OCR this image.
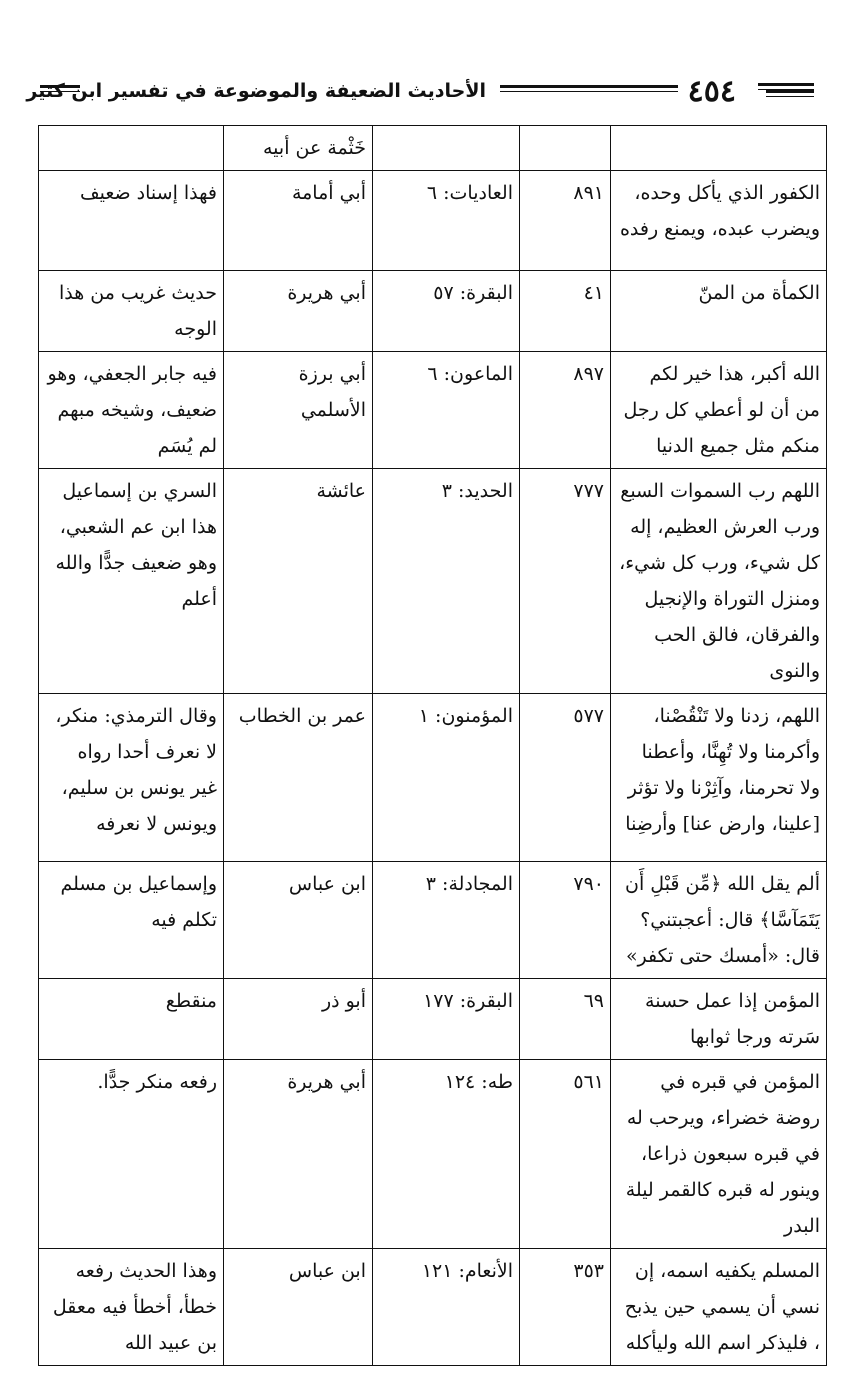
٤٥٤
الأحاديث الضعيفة والموضوعة في تفسير ابن كثير
			خَثْمة عن أبيه	
الكفور الذي يأكل وحده، ويضرب عبده، ويمنع رفده	٨٩١	العاديات: ٦	أبي أمامة	فهذا إسناد ضعيف
الكمأة من المنّ	٤١	البقرة: ٥٧	أبي هريرة	حديث غريب من هذا الوجه
الله أكبر، هذا خير لكم من أن لو أعطي كل رجل منكم مثل جميع الدنيا	٨٩٧	الماعون: ٦	أبي برزة الأسلمي	فيه جابر الجعفي، وهو ضعيف، وشيخه مبهم لم يُسَم
اللهم رب السموات السبع ورب العرش العظيم، إله كل شيء، ورب كل شيء، ومنزل التوراة والإنجيل والفرقان، فالق الحب والنوى	٧٧٧	الحديد: ٣	عائشة	السري بن إسماعيل هذا ابن عم الشعبي، وهو ضعيف جدًّا والله أعلم
اللهم، زدنا ولا تَنْقُصْنا، وأكرمنا ولا تُهِنَّا، وأعطنا ولا تحرمنا، وآثِرْنا ولا تؤثر [علينا، وارض عنا] وأرضِنا	٥٧٧	المؤمنون: ١	عمر بن الخطاب	وقال الترمذي: منكر، لا نعرف أحدا رواه غير يونس بن سليم، ويونس لا نعرفه
ألم يقل الله ﴿مِّن قَبْلِ أَن يَتَمَآسَّا﴾ قال: أعجبتني؟ قال: «أمسك حتى تكفر»	٧٩٠	المجادلة: ٣	ابن عباس	وإسماعيل بن مسلم تكلم فيه
المؤمن إذا عمل حسنة سَرته ورجا ثوابها	٦٩	البقرة: ١٧٧	أبو ذر	منقطع
المؤمن في قبره في روضة خضراء، ويرحب له في قبره سبعون ذراعا، وينور له قبره كالقمر ليلة البدر	٥٦١	طه: ١٢٤	أبي هريرة	رفعه منكر جدًّا.
المسلم يكفيه اسمه، إن نسي أن يسمي حين يذبح ، فليذكر اسم الله وليأكله	٣٥٣	الأنعام: ١٢١	ابن عباس	وهذا الحديث رفعه خطأ، أخطأ فيه معقل بن عبيد الله
